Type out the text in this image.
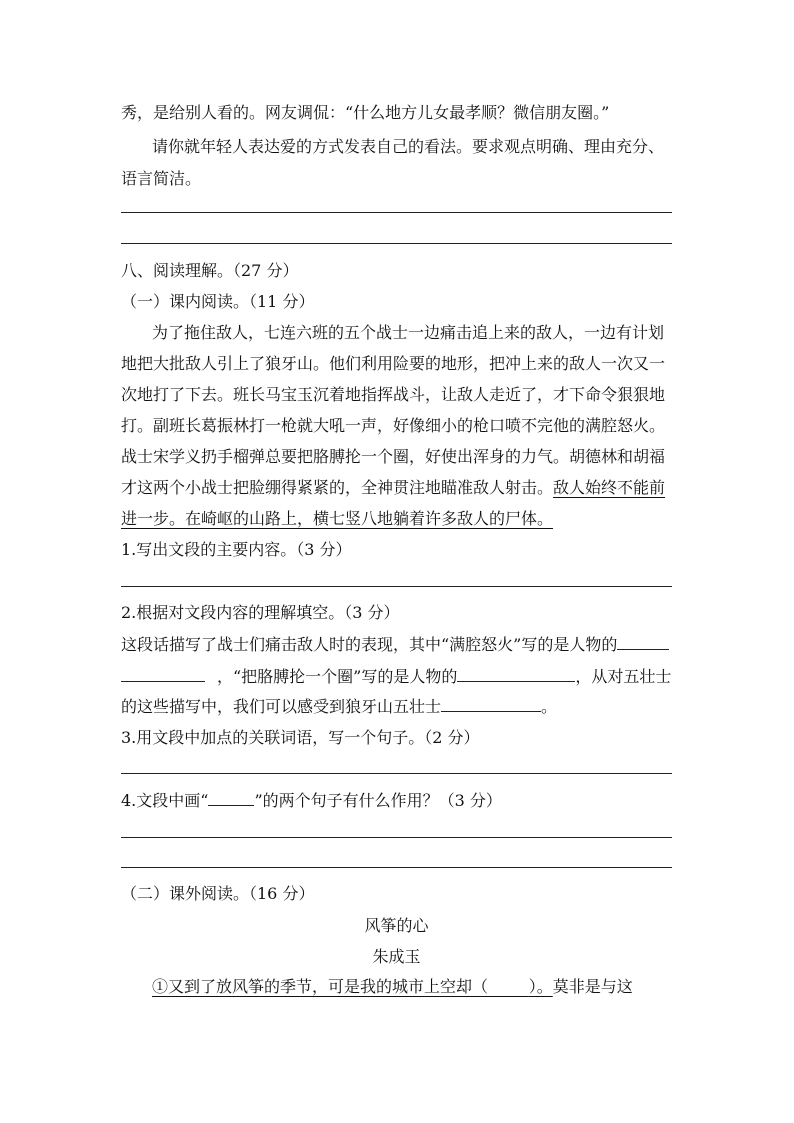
秀，是给别人看的。网友调侃：“什么地方儿女最孝顺？微信朋友圈。”
请你就年轻人表达爱的方式发表自己的看法。要求观点明确、理由充分、
语言简洁。
八、阅读理解。（27 分）
（一）课内阅读。（11 分）
为了拖住敌人，七连六班的五个战士一边痛击追上来的敌人，一边有计划
地把大批敌人引上了狼牙山。他们利用险要的地形，把冲上来的敌人一次又一
次地打了下去。班长马宝玉沉着地指挥战斗，让敌人走近了，才下命令狠狠地
打。副班长葛振林打一枪就大吼一声，好像细小的枪口喷不完他的满腔怒火。
战士宋学义扔手榴弹总要把胳膊抡一个圈，好使出浑身的力气。胡德林和胡福
才这两个小战士把脸绷得紧紧的，全神贯注地瞄准敌人射击。敌人始终不能前
进一步。在崎岖的山路上，横七竖八地躺着许多敌人的尸体。
1.写出文段的主要内容。（3 分）
2.根据对文段内容的理解填空。（3 分）
这段话描写了战士们痛击敌人时的表现，其中“满腔怒火”写的是人物的
，“把胳膊抡一个圈”写的是人物的	，从对五壮士
的这些描写中，我们可以感受到狼牙山五壮士	。
3.用文段中加点的关联词语，写一个句子。（2 分）
4.文段中画“	”的两个句子有什么作用？（3 分）
（二）课外阅读。（16 分）
风筝的心
朱成玉
①又到了放风筝的季节，可是我的城市上空却（	）。莫非是与这
